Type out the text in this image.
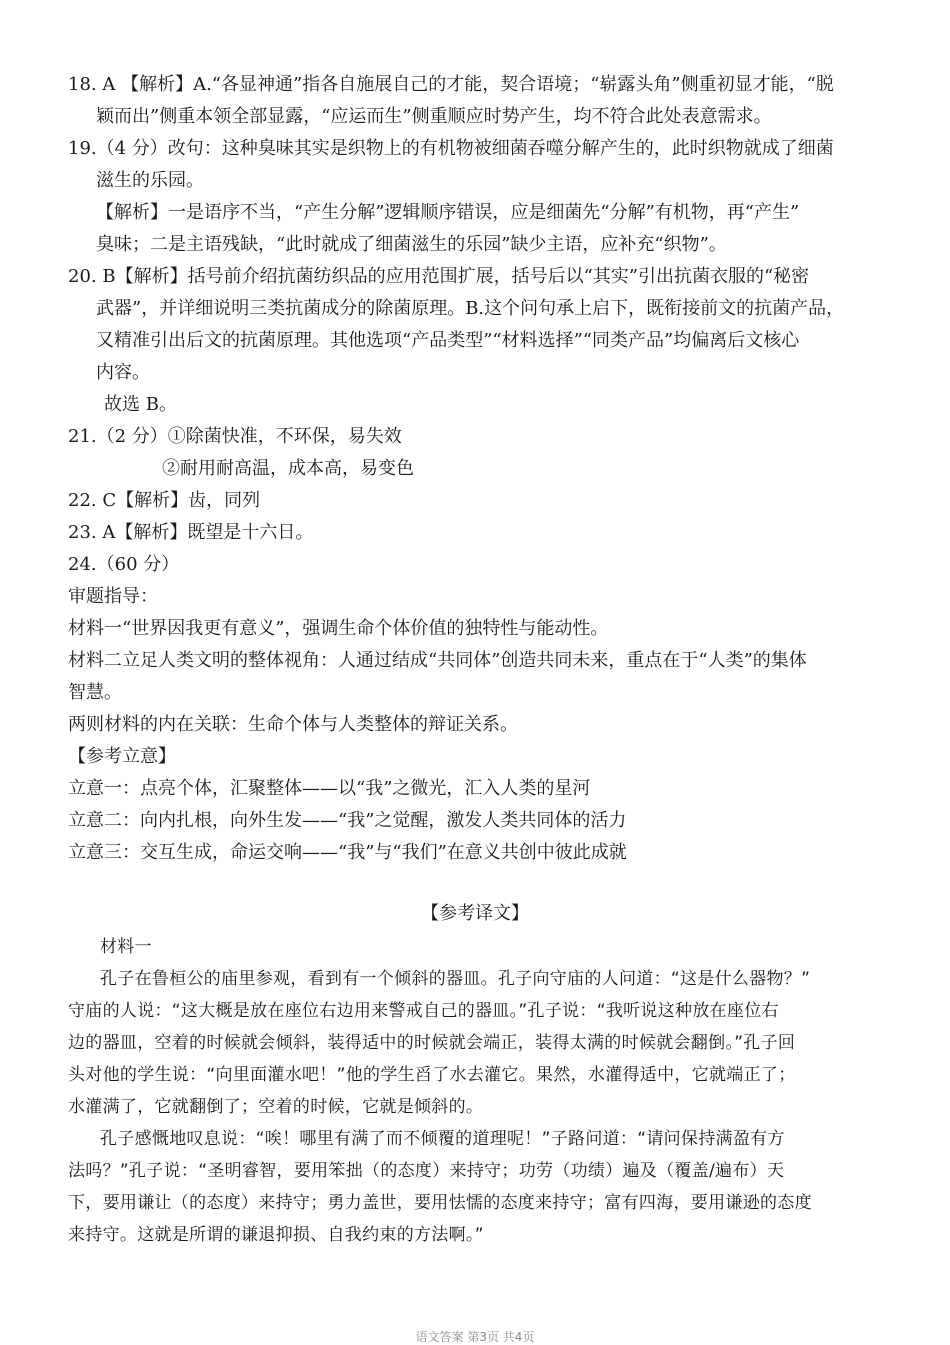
18. A 【解析】A.“各显神通”指各自施展自己的才能，契合语境；“崭露头角”侧重初显才能，“脱
颖而出”侧重本领全部显露，“应运而生”侧重顺应时势产生，均不符合此处表意需求。
19.（4 分）改句：这种臭味其实是织物上的有机物被细菌吞噬分解产生的，此时织物就成了细菌
滋生的乐园。
【解析】一是语序不当，“产生分解”逻辑顺序错误，应是细菌先“分解”有机物，再“产生”
臭味；二是主语残缺，“此时就成了细菌滋生的乐园”缺少主语，应补充“织物”。
20. B【解析】括号前介绍抗菌纺织品的应用范围扩展，括号后以“其实”引出抗菌衣服的“秘密
武器”，并详细说明三类抗菌成分的除菌原理。B.这个问句承上启下，既衔接前文的抗菌产品，
又精准引出后文的抗菌原理。其他选项“产品类型”“材料选择”“同类产品”均偏离后文核心
内容。
故选 B。
21.（2 分）①除菌快准，不环保，易失效
②耐用耐高温，成本高，易变色
22. C【解析】齿，同列
23. A【解析】既望是十六日。
24.（60 分）
审题指导：
材料一“世界因我更有意义”，强调生命个体价值的独特性与能动性。
材料二立足人类文明的整体视角：人通过结成“共同体”创造共同未来，重点在于“人类”的集体
智慧。
两则材料的内在关联：生命个体与人类整体的辩证关系。
【参考立意】
立意一：点亮个体，汇聚整体——以“我”之微光，汇入人类的星河
立意二：向内扎根，向外生发——“我”之觉醒，激发人类共同体的活力
立意三：交互生成，命运交响——“我”与“我们”在意义共创中彼此成就
【参考译文】
材料一
孔子在鲁桓公的庙里参观，看到有一个倾斜的器皿。孔子向守庙的人问道：“这是什么器物？”
守庙的人说：“这大概是放在座位右边用来警戒自己的器皿。”孔子说：“我听说这种放在座位右
边的器皿，空着的时候就会倾斜，装得适中的时候就会端正，装得太满的时候就会翻倒。”孔子回
头对他的学生说：“向里面灌水吧！”他的学生舀了水去灌它。果然，水灌得适中，它就端正了；
水灌满了，它就翻倒了；空着的时候，它就是倾斜的。
孔子感慨地叹息说：“唉！哪里有满了而不倾覆的道理呢！”子路问道：“请问保持满盈有方
法吗？”孔子说：“圣明睿智，要用笨拙（的态度）来持守；功劳（功绩）遍及（覆盖/遍布）天
下，要用谦让（的态度）来持守；勇力盖世，要用怯懦的态度来持守；富有四海，要用谦逊的态度
来持守。这就是所谓的谦退抑损、自我约束的方法啊。”
语文答案 第3页 共4页
